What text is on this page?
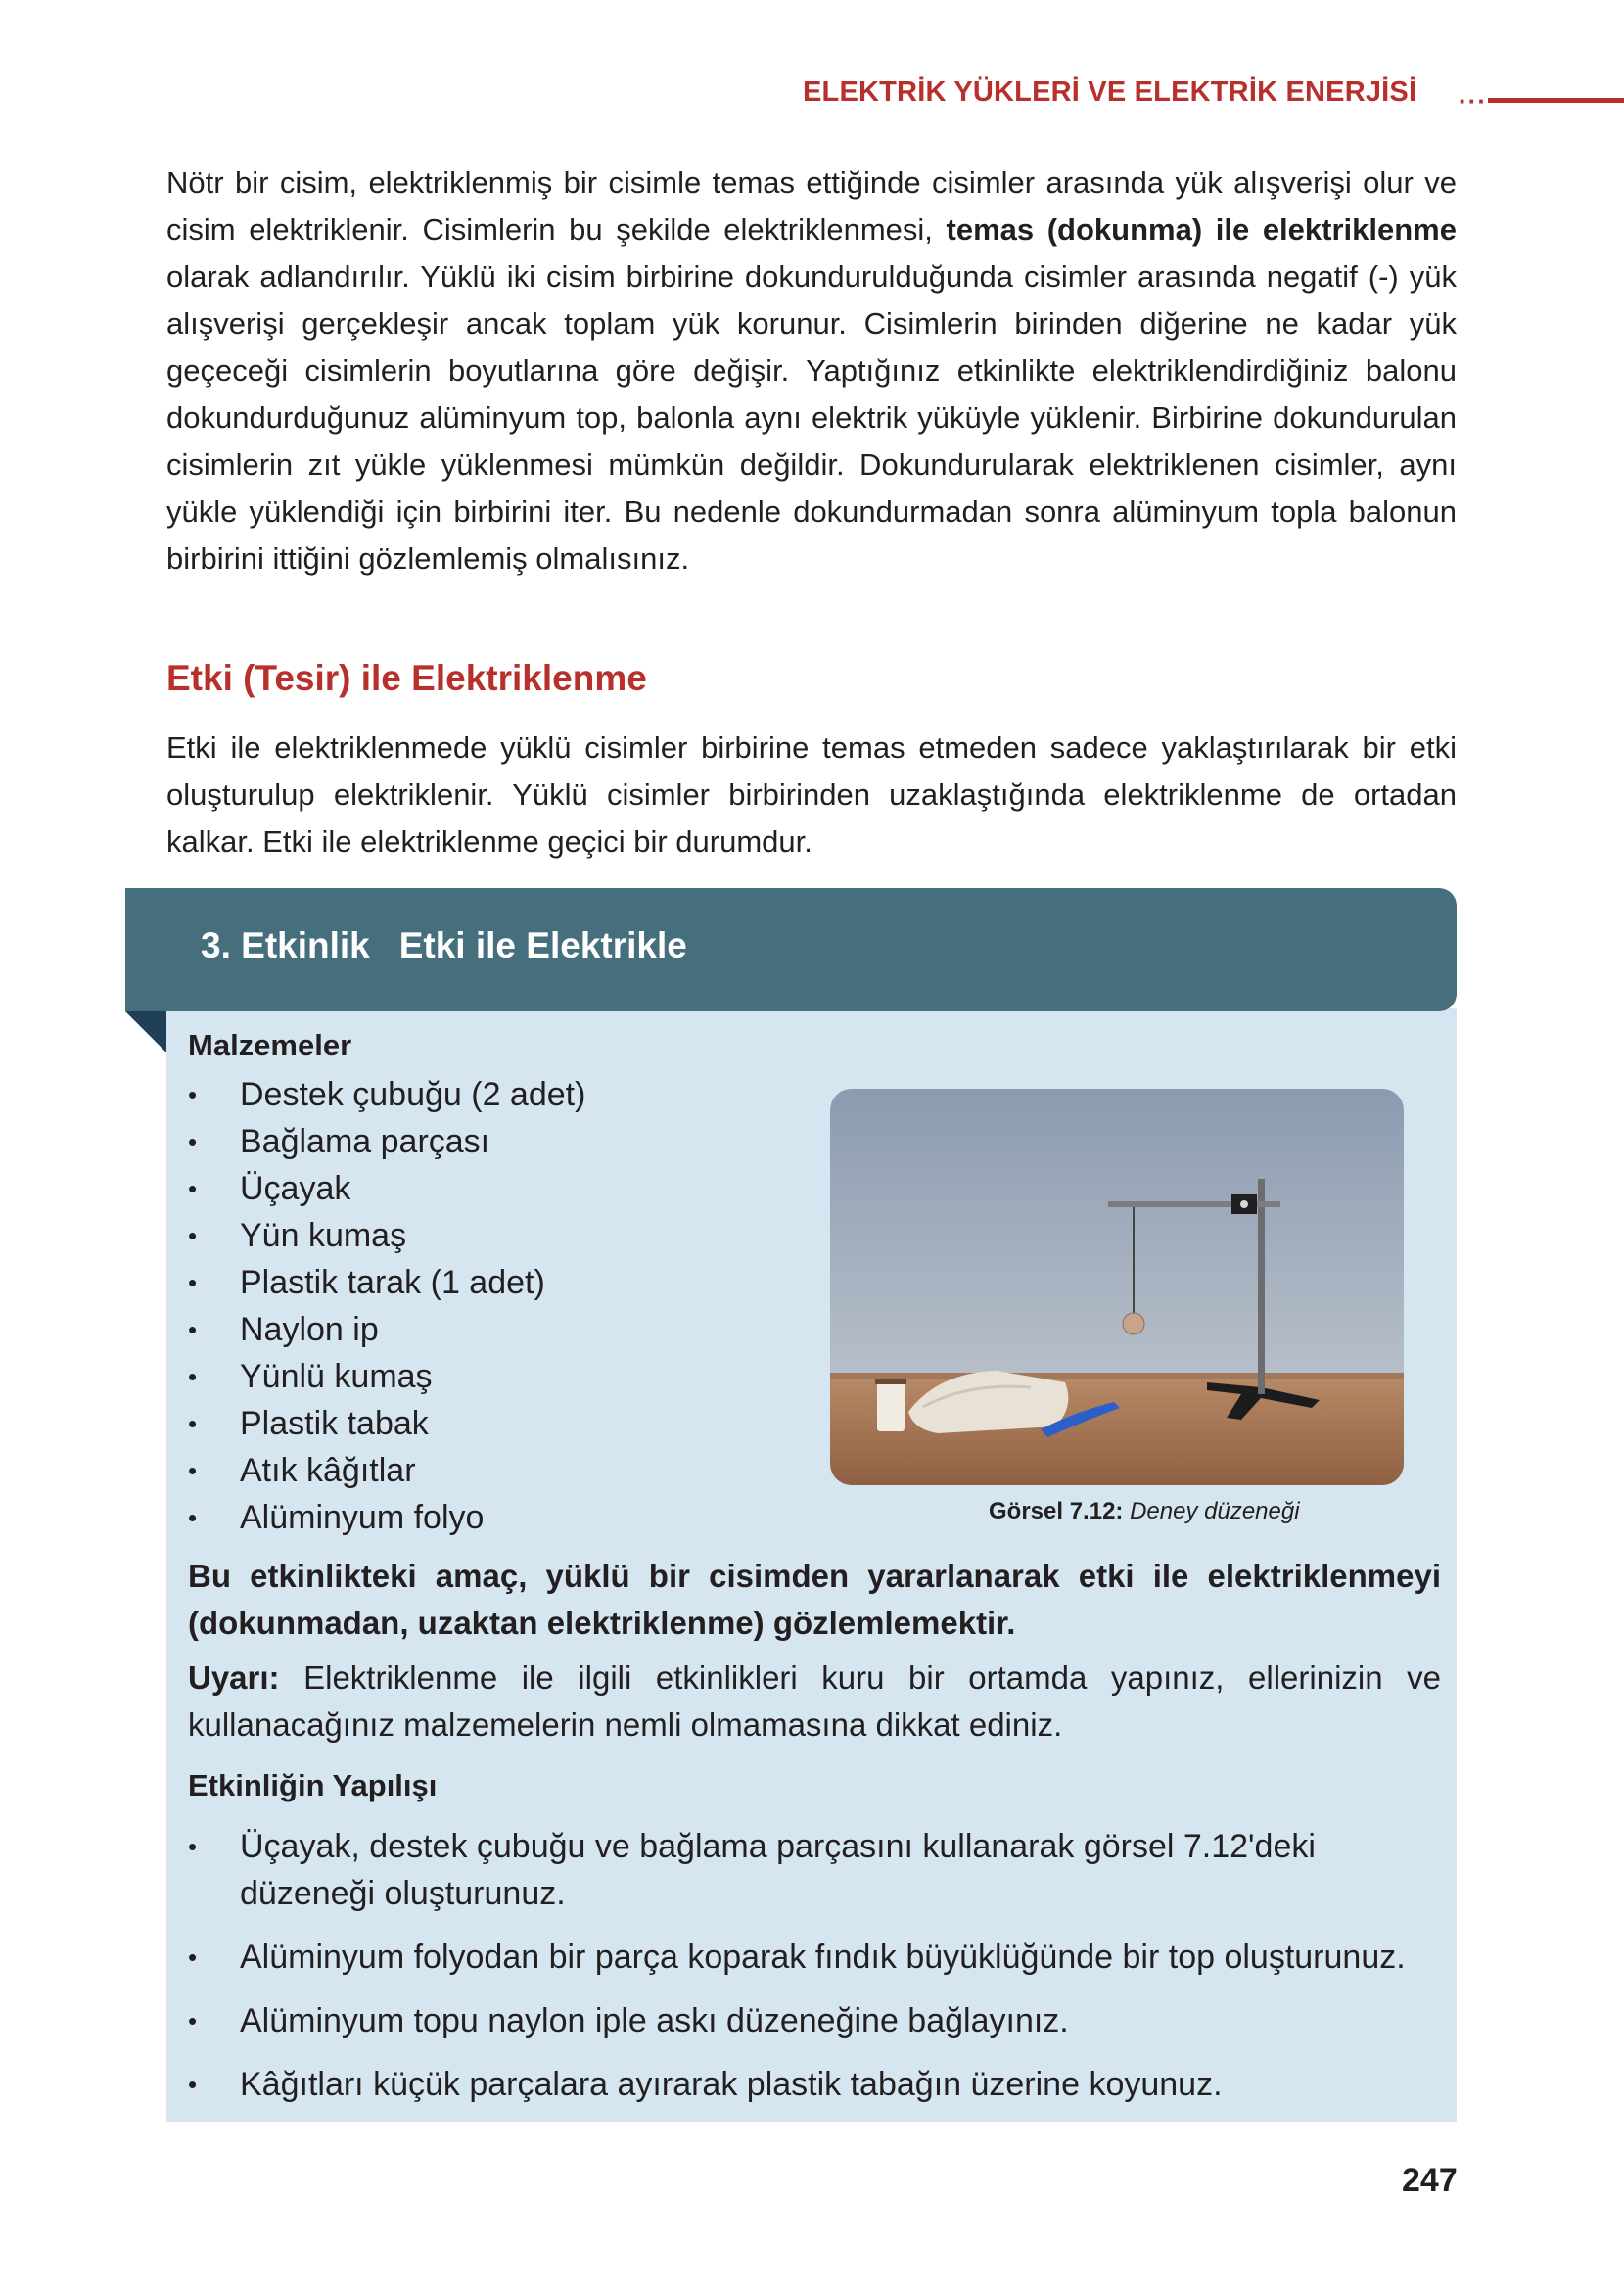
ELEKTRİK YÜKLERİ VE ELEKTRİK ENERJİSİ ···

Nötr bir cisim, elektriklenmiş bir cisimle temas ettiğinde cisimler arasında yük alışverişi olur ve cisim elektriklenir. Cisimlerin bu şekilde elektriklenmesi, temas (dokunma) ile elektriklenme olarak adlandırılır. Yüklü iki cisim birbirine dokundurulduğunda cisimler arasında negatif (-) yük alışverişi gerçekleşir ancak toplam yük korunur. Cisimlerin birinden diğerine ne kadar yük geçeceği cisimlerin boyutlarına göre değişir. Yaptığınız etkinlikte elektriklendirdiğiniz balonu dokundurduğunuz alüminyum top, balonla aynı elektrik yüküyle yüklenir. Birbirine dokundurulan cisimlerin zıt yükle yüklenmesi mümkün değildir. Dokundurularak elektriklenen cisimler, aynı yükle yüklendiği için birbirini iter. Bu nedenle dokundurmadan sonra alüminyum topla balonun birbirini ittiğini gözlemlemiş olmalısınız.

Etki (Tesir) ile Elektriklenme

Etki ile elektriklenmede yüklü cisimler birbirine temas etmeden sadece yaklaştırılarak bir etki oluşturulup elektriklenir. Yüklü cisimler birbirinden uzaklaştığında elektriklenme de ortadan kalkar. Etki ile elektriklenme geçici bir durumdur.

3. Etkinlik Etki ile Elektrikle

Malzemeler

• Destek çubuğu (2 adet)
• Bağlama parçası
• Üçayak
• Yün kumaş
• Plastik tarak (1 adet)
• Naylon ip
• Yünlü kumaş
• Plastik tabak
• Atık kâğıtlar
• Alüminyum folyo	Görsel 7.12: Deney düzeneği

Bu etkinlikteki amaç, yüklü bir cisimden yararlanarak etki ile elektriklenmeyi (dokunmadan, uzaktan elektriklenme) gözlemlemektir.

Uyarı: Elektriklenme ile ilgili etkinlikleri kuru bir ortamda yapınız, ellerinizin ve kullanacağınız malzemelerin nemli olmamasına dikkat ediniz.

Etkinliğin Yapılışı

• Üçayak, destek çubuğu ve bağlama parçasını kullanarak görsel 7.12'deki düzeneği oluşturunuz.
• Alüminyum folyodan bir parça koparak fındık büyüklüğünde bir top oluşturunuz.
• Alüminyum topu naylon iple askı düzeneğine bağlayınız.
• Kâğıtları küçük parçalara ayırarak plastik tabağın üzerine koyunuz.
247
